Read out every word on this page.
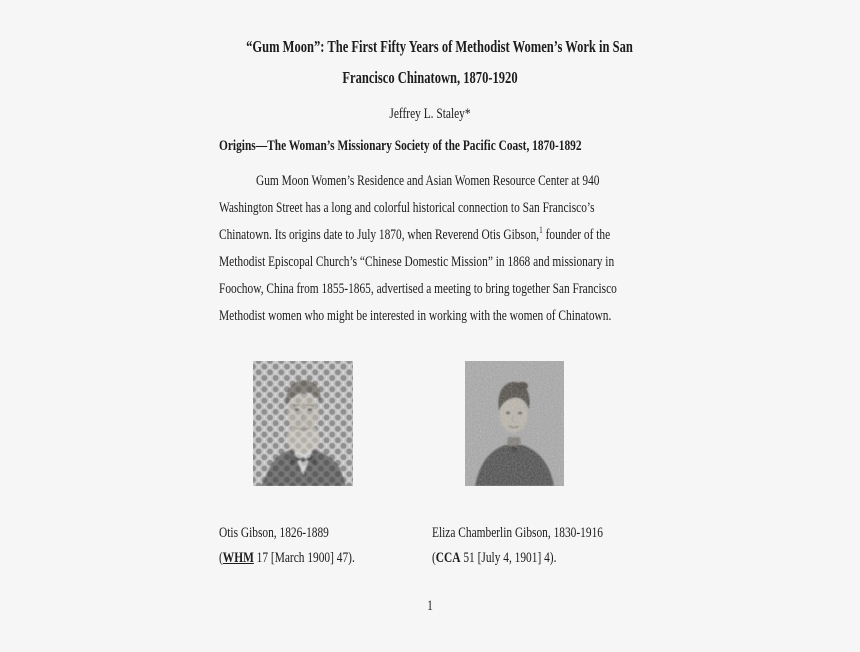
“Gum Moon”: The First Fifty Years of Methodist Women’s Work in San
Francisco Chinatown, 1870-1920
Jeffrey L. Staley*
Origins—The Woman’s Missionary Society of the Pacific Coast, 1870-1892
Gum Moon Women’s Residence and Asian Women Resource Center at 940
Washington Street has a long and colorful historical connection to San Francisco’s
Chinatown. Its origins date to July 1870, when Reverend Otis Gibson,$^1$ founder of the
Methodist Episcopal Church’s “Chinese Domestic Mission” in 1868 and missionary in
Foochow, China from 1855-1865, advertised a meeting to bring together San Francisco
Methodist women who might be interested in working with the women of Chinatown.
Otis Gibson, 1826-1889
(WHM 17 [March 1900] 47).
Eliza Chamberlin Gibson, 1830-1916
(CCA 51 [July 4, 1901] 4).
1
